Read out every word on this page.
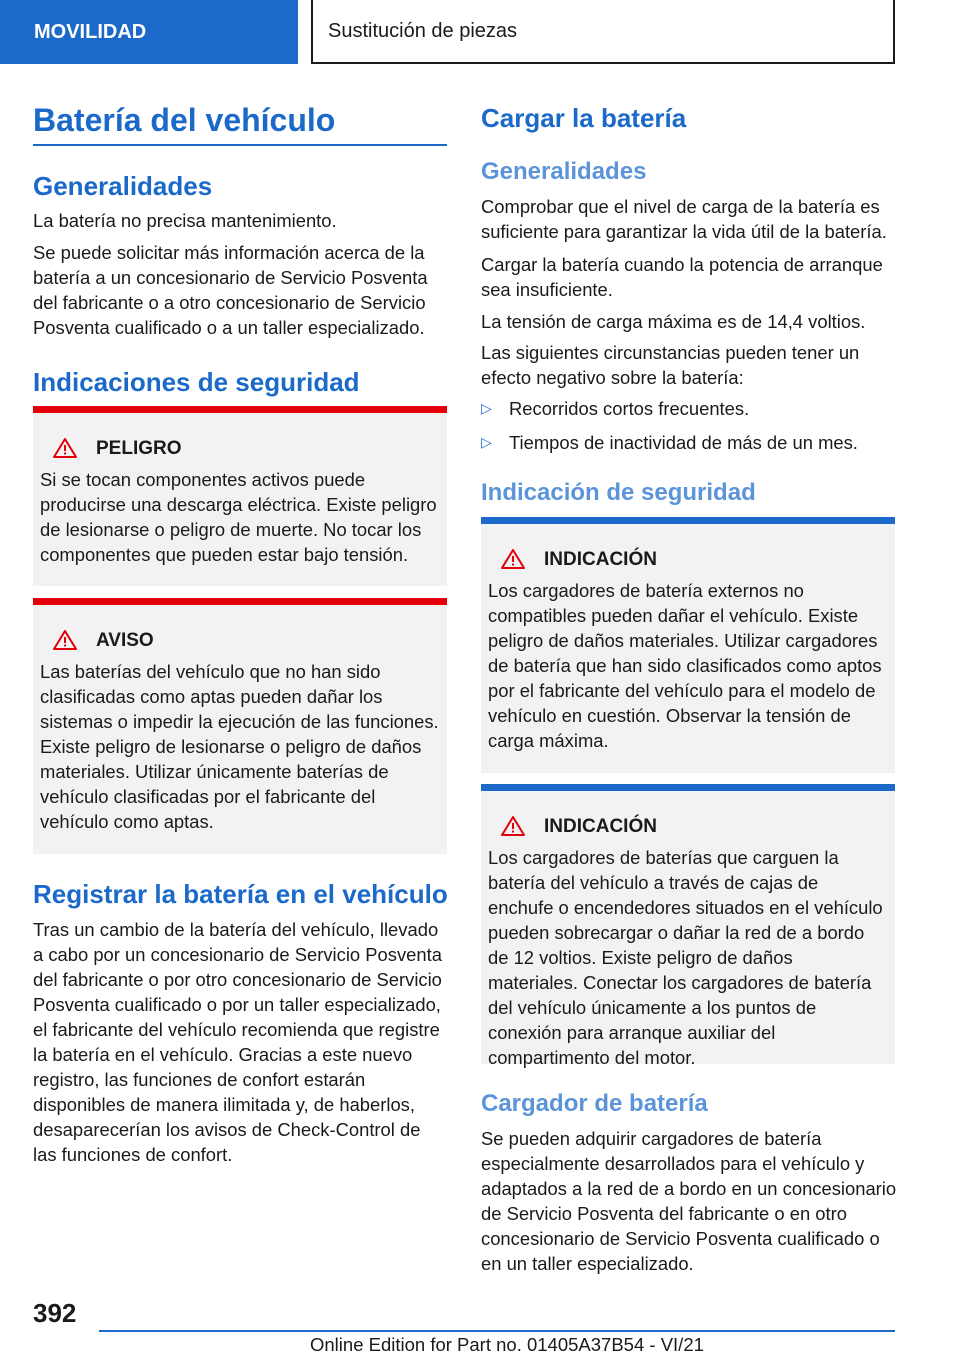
MOVILIDAD	Sustitución de piezas
Batería del vehículo
Generalidades

La batería no precisa mantenimiento.

Se puede solicitar más información acerca de la batería a un concesionario de Servicio Posventa del fabricante o a otro concesionario de Servicio Posventa cualificado o a un taller especializado.

Indicaciones de seguridad
PELIGRO
Si se tocan componentes activos puede producirse una descarga eléctrica. Existe peligro de lesionarse o peligro de muerte. No tocar los componentes que pueden estar bajo tensión.
AVISO
Las baterías del vehículo que no han sido clasificadas como aptas pueden dañar los sistemas o impedir la ejecución de las funciones. Existe peligro de lesionarse o peligro de daños materiales. Utilizar únicamente baterías de vehículo clasificadas por el fabricante del vehículo como aptas.
Registrar la batería en el vehículo

Tras un cambio de la batería del vehículo, llevado a cabo por un concesionario de Servicio Posventa del fabricante o por otro concesionario de Servicio Posventa cualificado o por un taller especializado, el fabricante del vehículo recomienda que registre la batería en el vehículo. Gracias a este nuevo registro, las funciones de confort estarán disponibles de manera ilimitada y, de haberlos, desaparecerían los avisos de Check-Control de las funciones de confort.

Cargar la batería
Generalidades

Comprobar que el nivel de carga de la batería es suficiente para garantizar la vida útil de la batería.

Cargar la batería cuando la potencia de arranque sea insuficiente.

La tensión de carga máxima es de 14,4 voltios.

Las siguientes circunstancias pueden tener un efecto negativo sobre la batería:

▷ Recorridos cortos frecuentes.
▷ Tiempos de inactividad de más de un mes.
Indicación de seguridad
INDICACIÓN
Los cargadores de batería externos no compatibles pueden dañar el vehículo. Existe peligro de daños materiales. Utilizar cargadores de batería que han sido clasificados como aptos por el fabricante del vehículo para el modelo de vehículo en cuestión. Observar la tensión de carga máxima.
INDICACIÓN
Los cargadores de baterías que carguen la batería del vehículo a través de cajas de enchufe o encendedores situados en el vehículo pueden sobrecargar o dañar la red de a bordo de 12 voltios. Existe peligro de daños materiales. Conectar los cargadores de batería del vehículo únicamente a los puntos de conexión para arranque auxiliar del compartimento del motor.
Cargador de batería

Se pueden adquirir cargadores de batería especialmente desarrollados para el vehículo y adaptados a la red de a bordo en un concesionario de Servicio Posventa del fabricante o en otro concesionario de Servicio Posventa cualificado o en un taller especializado.

392
Online Edition for Part no. 01405A37B54 - VI/21
